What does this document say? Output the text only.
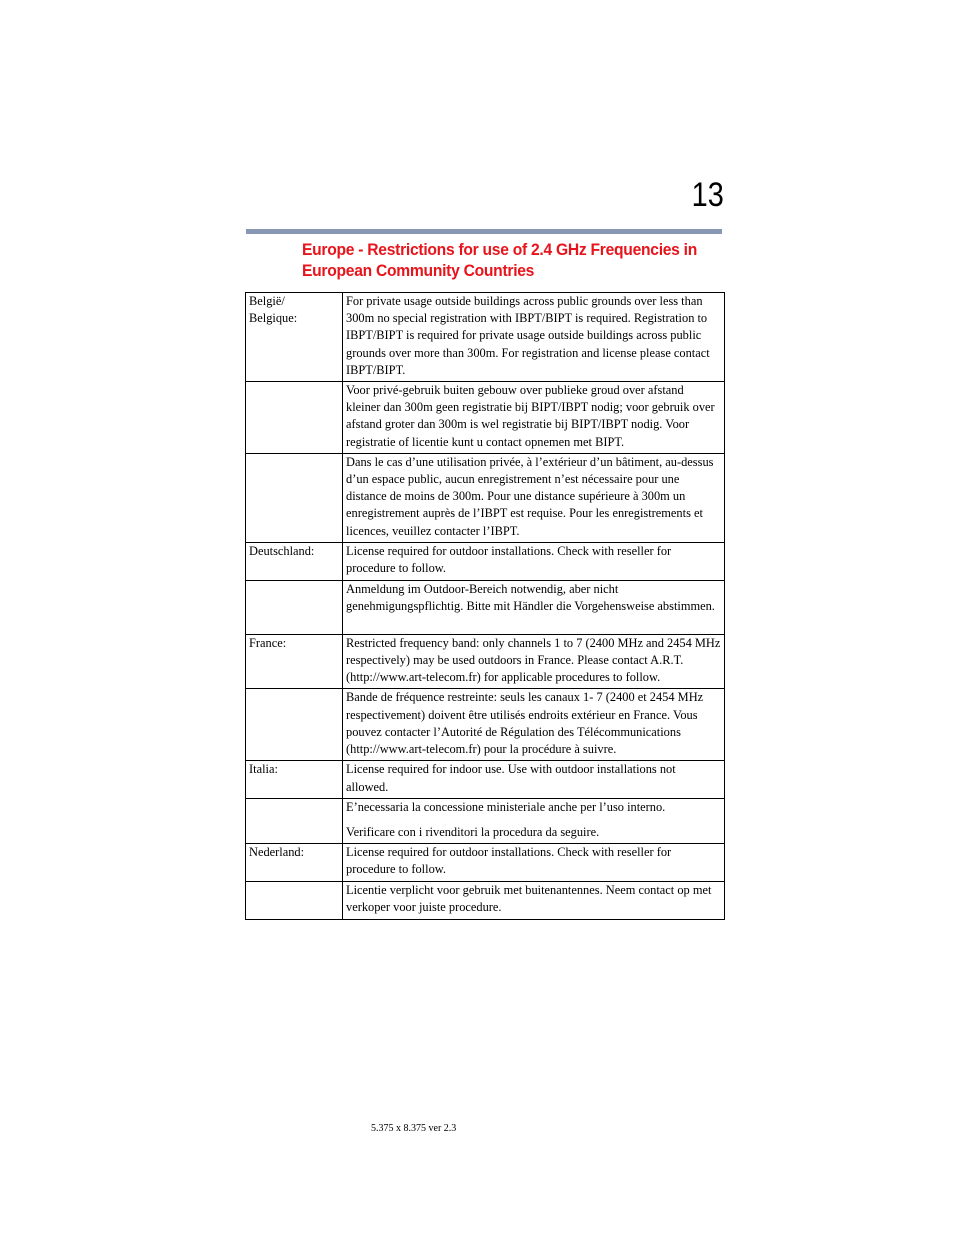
13
Europe - Restrictions for use of 2.4 GHz Frequencies in
European Community Countries
België/
Belgique:	For private usage outside buildings across public grounds over less than 300m no special registration with IBPT/BIPT is required. Registration to IBPT/BIPT is required for private usage outside buildings across public grounds over more than 300m. For registration and license please contact IBPT/BIPT.
	Voor privé-gebruik buiten gebouw over publieke groud over afstand kleiner dan 300m geen registratie bij BIPT/IBPT nodig; voor gebruik over afstand groter dan 300m is wel registratie bij BIPT/IBPT nodig. Voor registratie of licentie kunt u contact opnemen met BIPT.
	Dans le cas d’une utilisation privée, à l’extérieur d’un bâtiment, au-dessus d’un espace public, aucun enregistrement n’est nécessaire pour une distance de moins de 300m. Pour une distance supérieure à 300m un enregistrement auprès de l’IBPT est requise. Pour les enregistrements et licences, veuillez contacter l’IBPT.
Deutschland:	License required for outdoor installations. Check with reseller for procedure to follow.
	Anmeldung im Outdoor-Bereich notwendig, aber nicht genehmigungspflichtig. Bitte mit Händler die Vorgehensweise abstimmen.
France:	Restricted frequency band: only channels 1 to 7 (2400 MHz and 2454 MHz respectively) may be used outdoors in France. Please contact A.R.T. (http://www.art-telecom.fr) for applicable procedures to follow.
	Bande de fréquence restreinte: seuls les canaux 1- 7 (2400 et 2454 MHz respectivement) doivent être utilisés endroits extérieur en France. Vous pouvez contacter l’Autorité de Régulation des Télécommunications (http://www.art-telecom.fr) pour la procédure à suivre.
Italia:	License required for indoor use. Use with outdoor installations not allowed.

	E’necessaria la concessione ministeriale anche per l’uso interno.
Verificare con i rivenditori la procedura da seguire.

Nederland:	License required for outdoor installations. Check with reseller for procedure to follow.
	Licentie verplicht voor gebruik met buitenantennes. Neem contact op met verkoper voor juiste procedure.
5.375 x 8.375 ver 2.3
